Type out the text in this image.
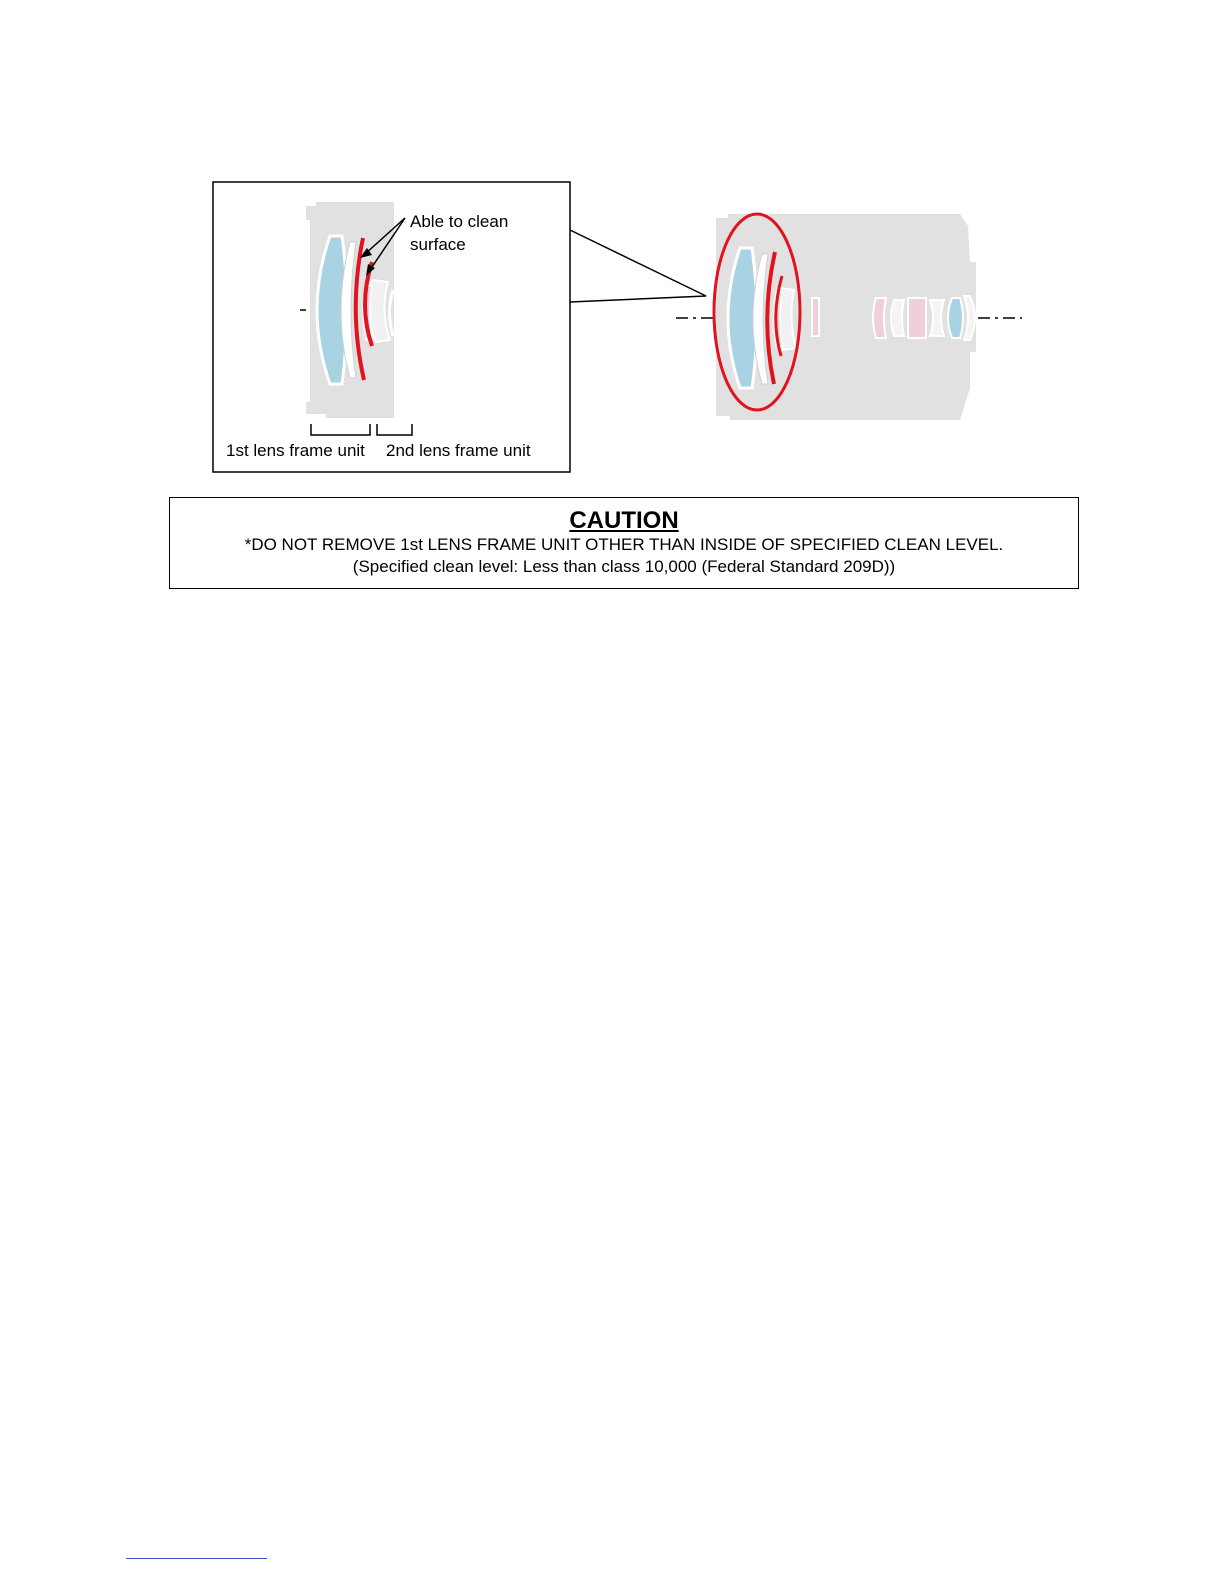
Able to clean
surface
1st lens frame unit 2nd lens frame unit
CAUTION
*DO NOT REMOVE 1st LENS FRAME UNIT OTHER THAN INSIDE OF SPECIFIED CLEAN LEVEL.
(Specified clean level: Less than class 10,000 (Federal Standard 209D))
